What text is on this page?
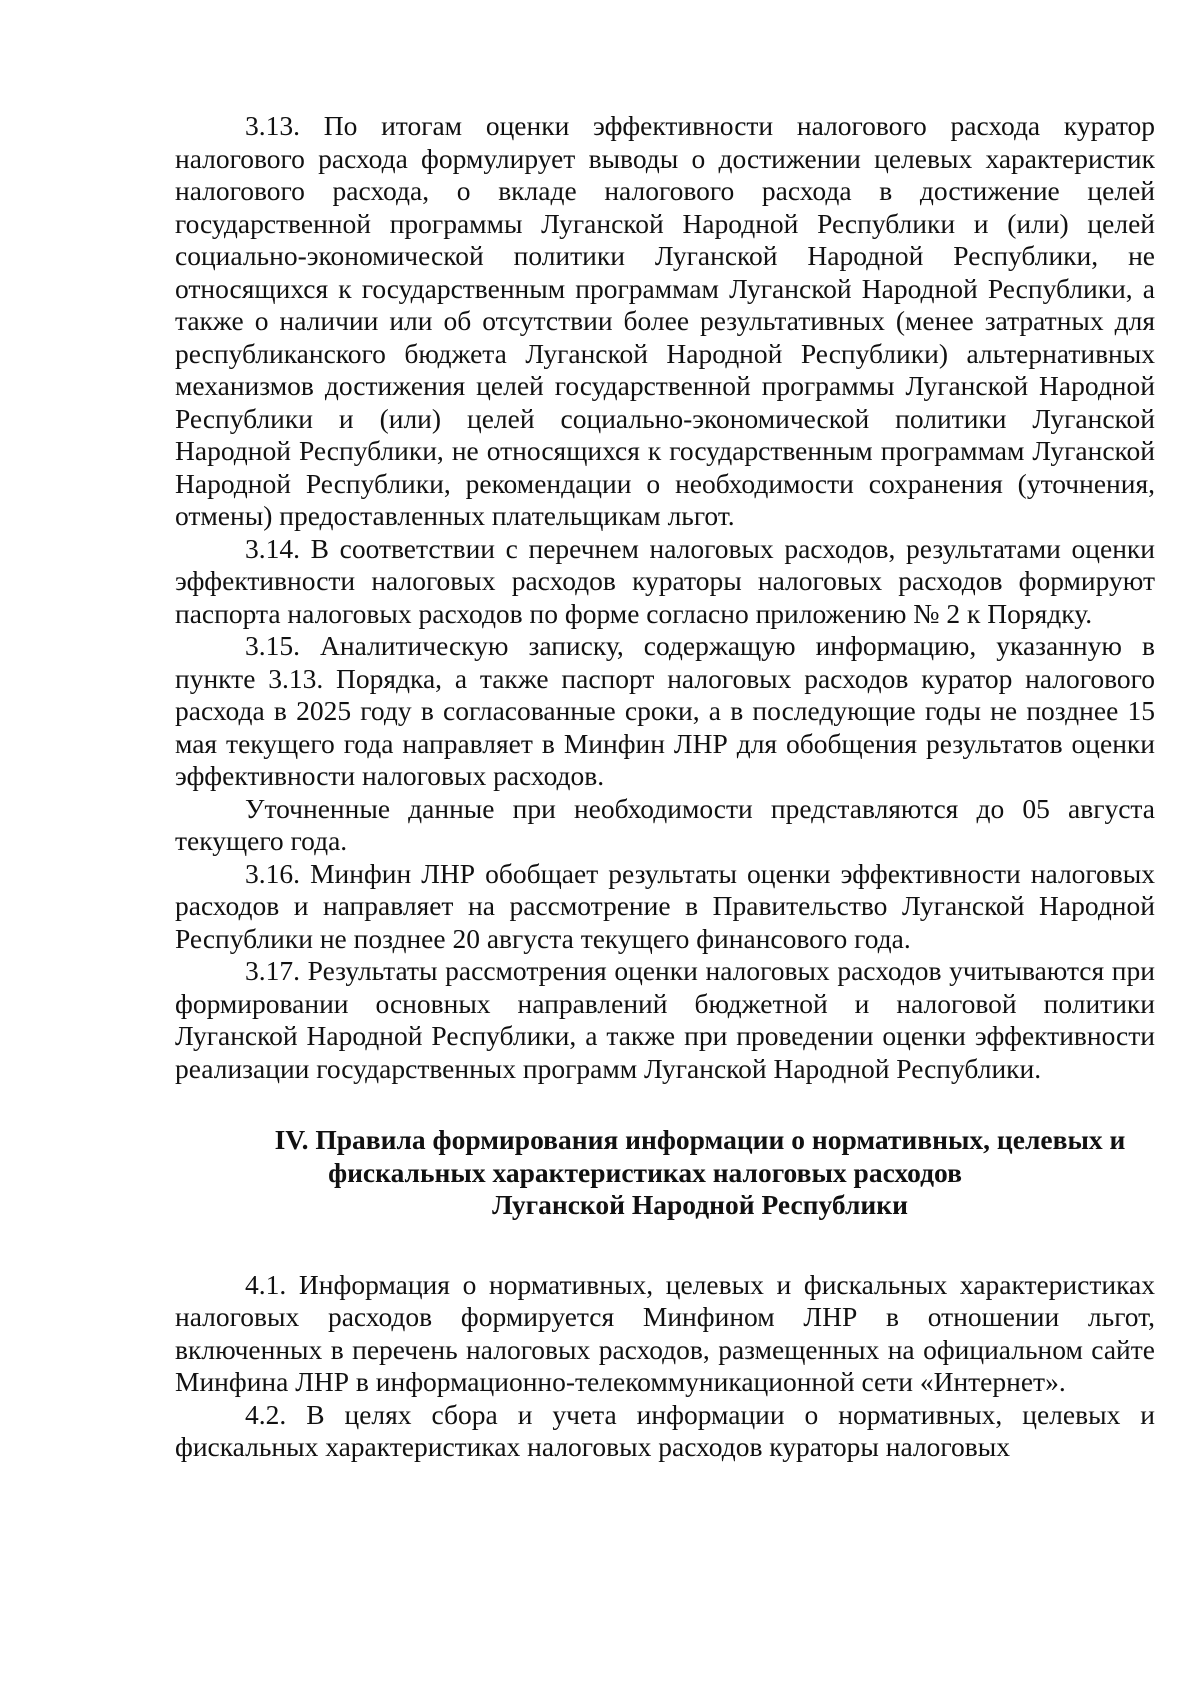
3.13. По итогам оценки эффективности налогового расхода куратор налогового расхода формулирует выводы о достижении целевых характеристик налогового расхода, о вкладе налогового расхода в достижение целей государственной программы Луганской Народной Республики и (или) целей социально-экономической политики Луганской Народной Республики, не относящихся к государственным программам Луганской Народной Республики, а также о наличии или об отсутствии более результативных (менее затратных для республиканского бюджета Луганской Народной Республики) альтернативных механизмов достижения целей государственной программы Луганской Народной Республики и (или) целей социально-экономической политики Луганской Народной Республики, не относящихся к государственным программам Луганской Народной Республики, рекомендации о необходимости сохранения (уточнения, отмены) предоставленных плательщикам льгот.

3.14. В соответствии с перечнем налоговых расходов, результатами оценки эффективности налоговых расходов кураторы налоговых расходов формируют паспорта налоговых расходов по форме согласно приложению № 2 к Порядку.

3.15. Аналитическую записку, содержащую информацию, указанную в пункте 3.13. Порядка, а также паспорт налоговых расходов куратор налогового расхода в 2025 году в согласованные сроки, а в последующие годы не позднее 15 мая текущего года направляет в Минфин ЛНР для обобщения результатов оценки эффективности налоговых расходов.

Уточненные данные при необходимости представляются до 05 августа текущего года.

3.16. Минфин ЛНР обобщает результаты оценки эффективности налоговых расходов и направляет на рассмотрение в Правительство Луганской Народной Республики не позднее 20 августа текущего финансового года.

3.17. Результаты рассмотрения оценки налоговых расходов учитываются при формировании основных направлений бюджетной и налоговой политики Луганской Народной Республики, а также при проведении оценки эффективности реализации государственных программ Луганской Народной Республики.

IV. Правила формирования информации о нормативных, целевых и
фискальных характеристиках налоговых расходов
Луганской Народной Республики

4.1. Информация о нормативных, целевых и фискальных характеристиках налоговых расходов формируется Минфином ЛНР в отношении льгот, включенных в перечень налоговых расходов, размещенных на официальном сайте Минфина ЛНР в информационно-телекоммуникационной сети «Интернет».

4.2. В целях сбора и учета информации о нормативных, целевых и фискальных характеристиках налоговых расходов кураторы налоговых
